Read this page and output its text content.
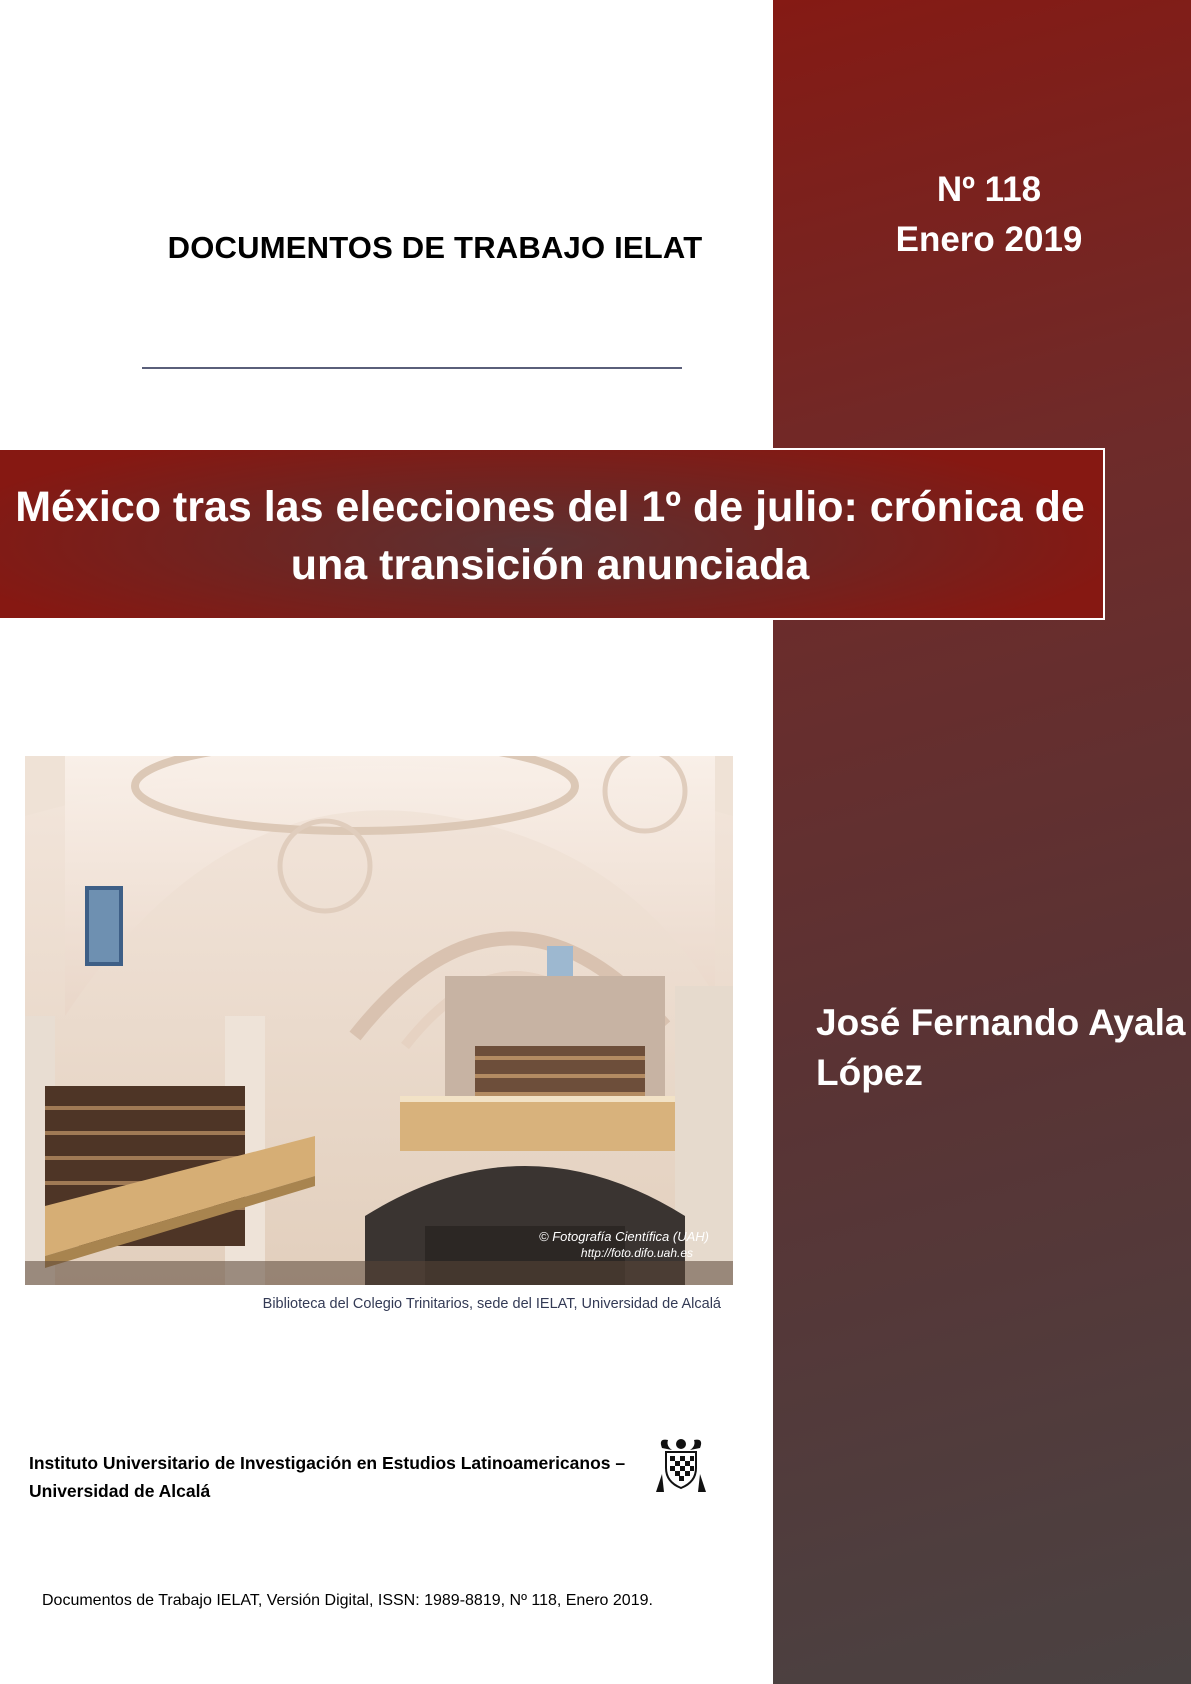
Nº 118
Enero 2019
DOCUMENTOS DE TRABAJO IELAT
México tras las elecciones del 1º de julio: crónica de
una transición anunciada
© Fotografía Científica (UAH)
http://foto.difo.uah.es
Biblioteca del Colegio Trinitarios, sede del IELAT, Universidad de Alcalá
José Fernando Ayala
López
Instituto Universitario de Investigación en Estudios Latinoamericanos –
Universidad de Alcalá
Documentos de Trabajo IELAT, Versión Digital, ISSN: 1989-8819, Nº 118, Enero 2019.
